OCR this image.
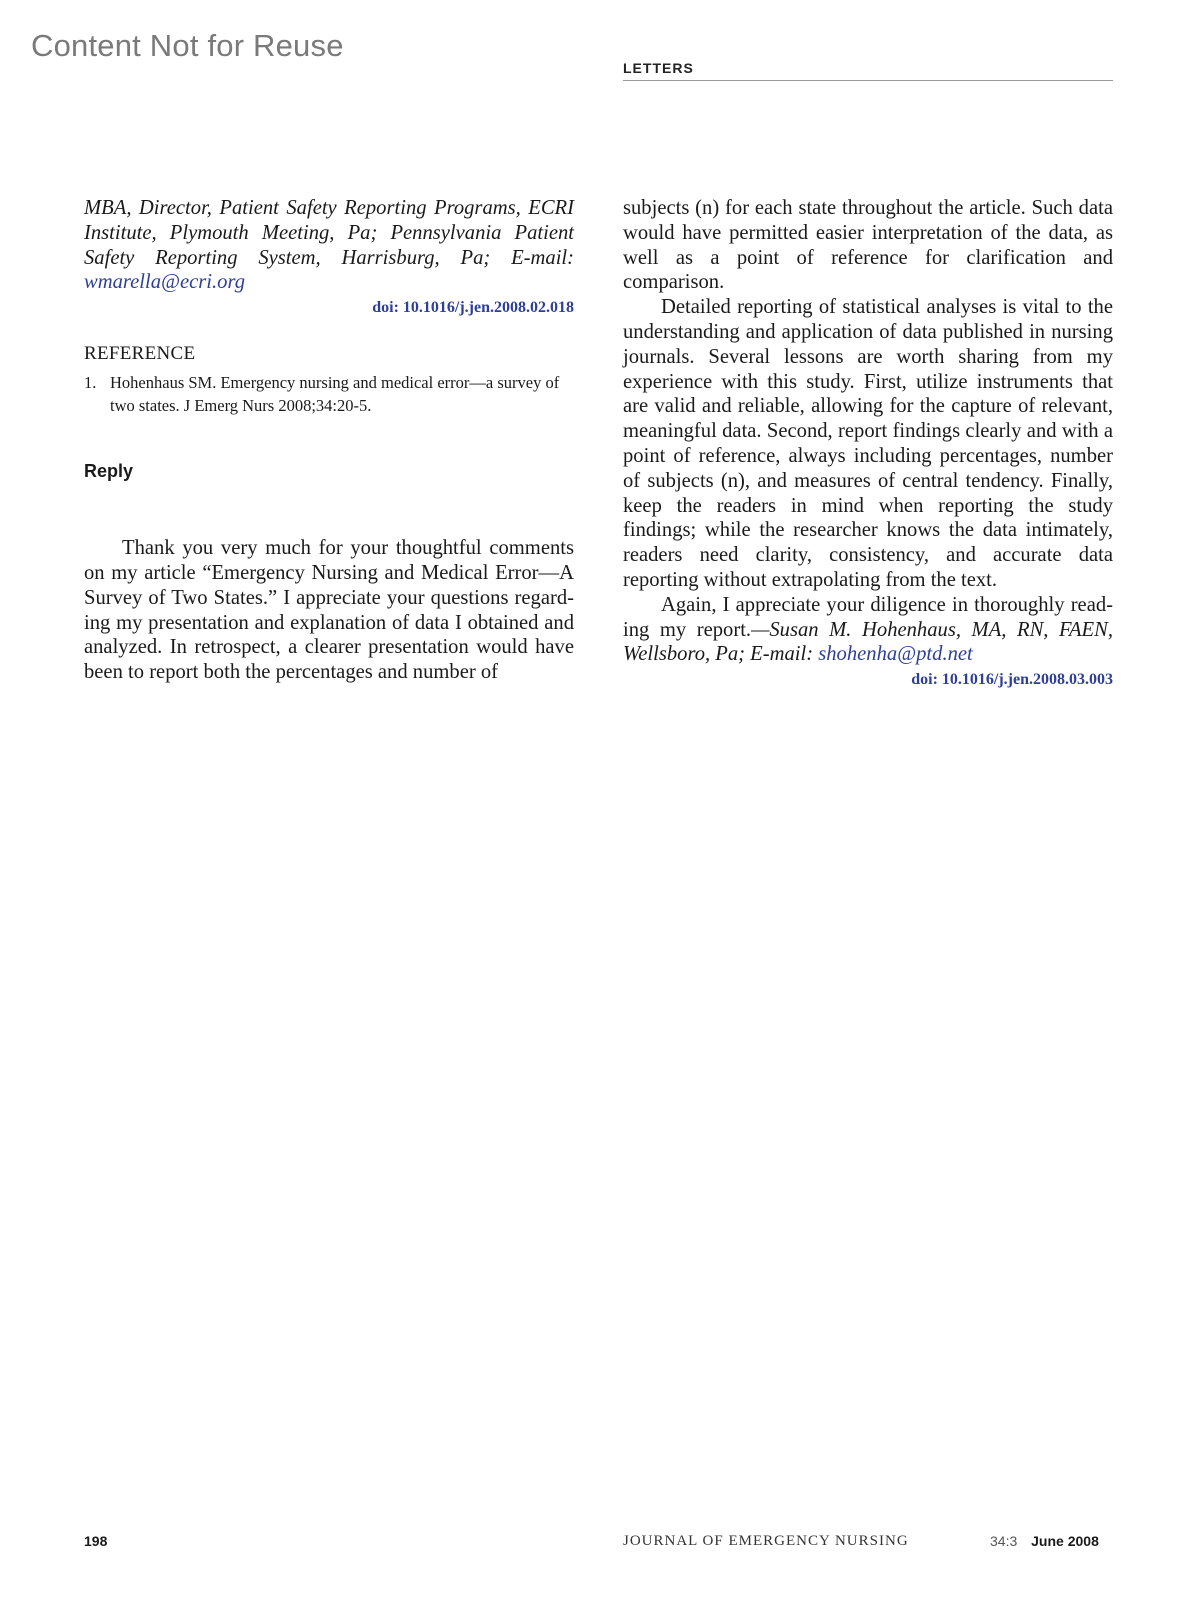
Content Not for Reuse
LETTERS

MBA, Director, Patient Safety Reporting Programs, ECRI Institute, Plymouth Meeting, Pa; Pennsylvania Patient Safety Reporting System, Harrisburg, Pa; E-mail: wmarella@ecri.org

doi: 10.1016/j.jen.2008.02.018

REFERENCE
1. Hohenhaus SM. Emergency nursing and medical error—a survey of two states. J Emerg Nurs 2008;34:20-5.
Reply

Thank you very much for your thoughtful comments on my article “Emergency Nursing and Medical Error—A Survey of Two States.” I appreciate your questions regarding my presentation and explanation of data I obtained and analyzed. In retrospect, a clearer presentation would have been to report both the percentages and number of

subjects (n) for each state throughout the article. Such data would have permitted easier interpretation of the data, as well as a point of reference for clarification and comparison.

Detailed reporting of statistical analyses is vital to the understanding and application of data published in nursing journals. Several lessons are worth sharing from my experience with this study. First, utilize instruments that are valid and reliable, allowing for the capture of relevant, meaningful data. Second, report findings clearly and with a point of reference, always including percentages, number of subjects (n), and measures of central tendency. Finally, keep the readers in mind when reporting the study findings; while the researcher knows the data intimately, readers need clarity, consistency, and accurate data reporting without extrapolating from the text.

Again, I appreciate your diligence in thoroughly reading my report.—Susan M. Hohenhaus, MA, RN, FAEN, Wellsboro, Pa; E-mail: shohenha@ptd.net

doi: 10.1016/j.jen.2008.03.003

198	JOURNAL OF EMERGENCY NURSING	34:3 June 2008
